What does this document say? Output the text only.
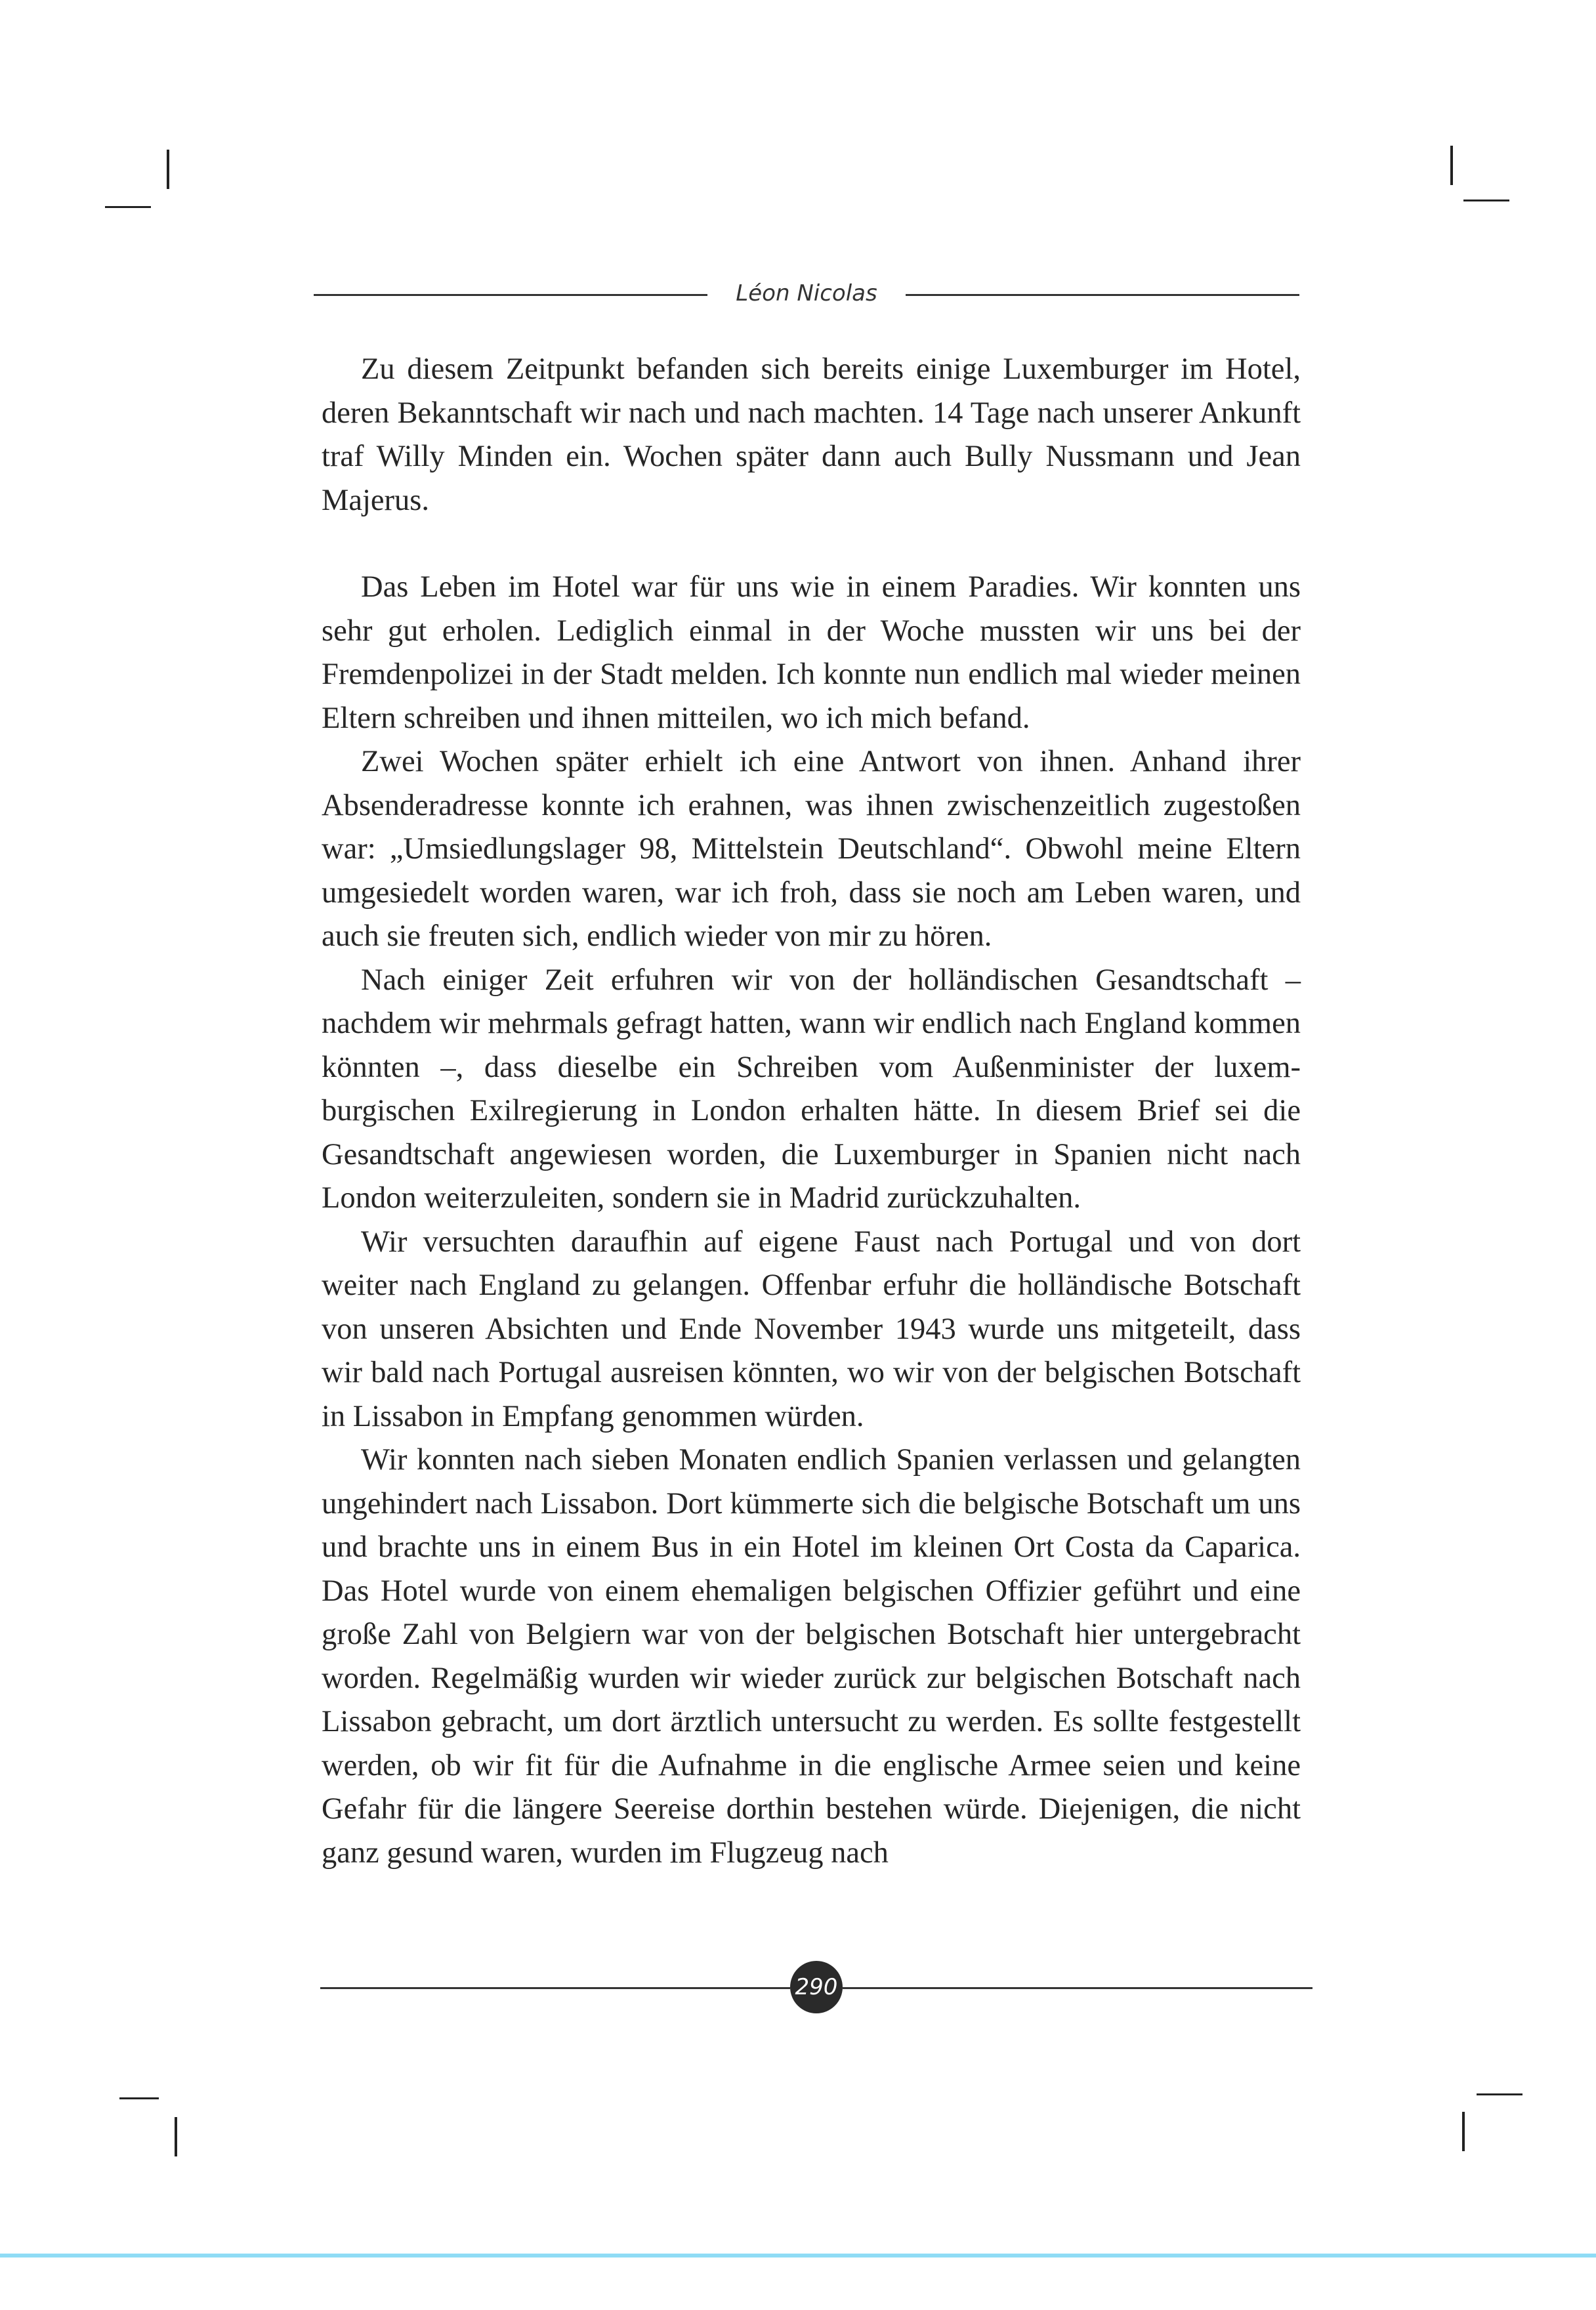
Léon Nicolas

Zu diesem Zeitpunkt befanden sich bereits einige Luxemburger im Hotel, deren Bekanntschaft wir nach und nach machten. 14 Tage nach unserer Ankunft traf Willy Minden ein. Wochen später dann auch Bully Nussmann und Jean Majerus.

Das Leben im Hotel war für uns wie in einem Paradies. Wir konnten uns sehr gut erholen. Lediglich einmal in der Woche mussten wir uns bei der Fremdenpolizei in der Stadt melden. Ich konnte nun endlich mal wieder meinen Eltern schreiben und ihnen mitteilen, wo ich mich befand.

Zwei Wochen später erhielt ich eine Antwort von ihnen. Anhand ihrer Absenderadresse konnte ich erahnen, was ihnen zwischenzeitlich zugestoßen war: „Umsiedlungslager 98, Mittelstein Deutschland“. Obwohl meine Eltern umgesiedelt worden waren, war ich froh, dass sie noch am Leben waren, und auch sie freuten sich, endlich wieder von mir zu hören.

Nach einiger Zeit erfuhren wir von der holländischen Gesandtschaft – nachdem wir mehrmals gefragt hatten, wann wir endlich nach England kommen könnten –, dass dieselbe ein Schreiben vom Außenminister der luxemburgischen Exilregierung in London erhalten hätte. In diesem Brief sei die Gesandtschaft angewiesen worden, die Luxemburger in Spanien nicht nach London weiterzuleiten, sondern sie in Madrid zurückzuhalten.

Wir versuchten daraufhin auf eigene Faust nach Portugal und von dort weiter nach England zu gelangen. Offenbar erfuhr die holländische Botschaft von unseren Absichten und Ende November 1943 wurde uns mitgeteilt, dass wir bald nach Portugal ausreisen könnten, wo wir von der belgischen Botschaft in Lissabon in Empfang genommen würden.

Wir konnten nach sieben Monaten endlich Spanien verlassen und gelangten ungehindert nach Lissabon. Dort kümmerte sich die belgische Botschaft um uns und brachte uns in einem Bus in ein Hotel im kleinen Ort Costa da Caparica. Das Hotel wurde von einem ehemaligen belgischen Offizier geführt und eine große Zahl von Belgiern war von der belgischen Botschaft hier untergebracht worden. Regelmäßig wurden wir wieder zurück zur belgischen Botschaft nach Lissabon gebracht, um dort ärztlich untersucht zu werden. Es sollte festgestellt werden, ob wir fit für die Aufnahme in die englische Armee seien und keine Gefahr für die längere Seereise dorthin bestehen würde. Diejenigen, die nicht ganz gesund waren, wurden im Flugzeug nach

290
